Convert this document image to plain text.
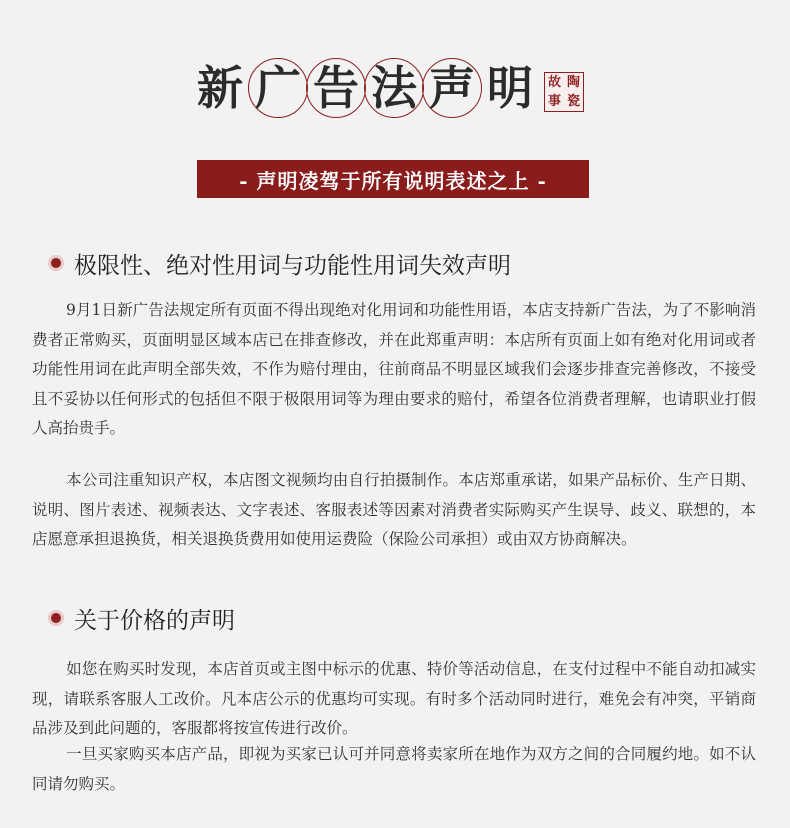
新 广 告 法 声 明	故 陶
事 瓷
- 声明凌驾于所有说明表述之上 -
极限性、绝对性用词与功能性用词失效声明

9月1日新广告法规定所有页面不得出现绝对化用词和功能性用语，本店支持新广告法，为了不影响消费者正常购买，页面明显区域本店已在排查修改，并在此郑重声明：本店所有页面上如有绝对化用词或者功能性用词在此声明全部失效，不作为赔付理由，往前商品不明显区域我们会逐步排查完善修改，不接受且不妥协以任何形式的包括但不限于极限用词等为理由要求的赔付，希望各位消费者理解，也请职业打假人高抬贵手。

本公司注重知识产权，本店图文视频均由自行拍摄制作。本店郑重承诺，如果产品标价、生产日期、说明、图片表述、视频表达、文字表述、客服表述等因素对消费者实际购买产生误导、歧义、联想的，本店愿意承担退换货，相关退换货费用如使用运费险（保险公司承担）或由双方协商解决。

关于价格的声明

如您在购买时发现，本店首页或主图中标示的优惠、特价等活动信息，在支付过程中不能自动扣减实现，请联系客服人工改价。凡本店公示的优惠均可实现。有时多个活动同时进行，难免会有冲突，平销商品涉及到此问题的，客服都将按宣传进行改价。

一旦买家购买本店产品，即视为买家已认可并同意将卖家所在地作为双方之间的合同履约地。如不认同请勿购买。
